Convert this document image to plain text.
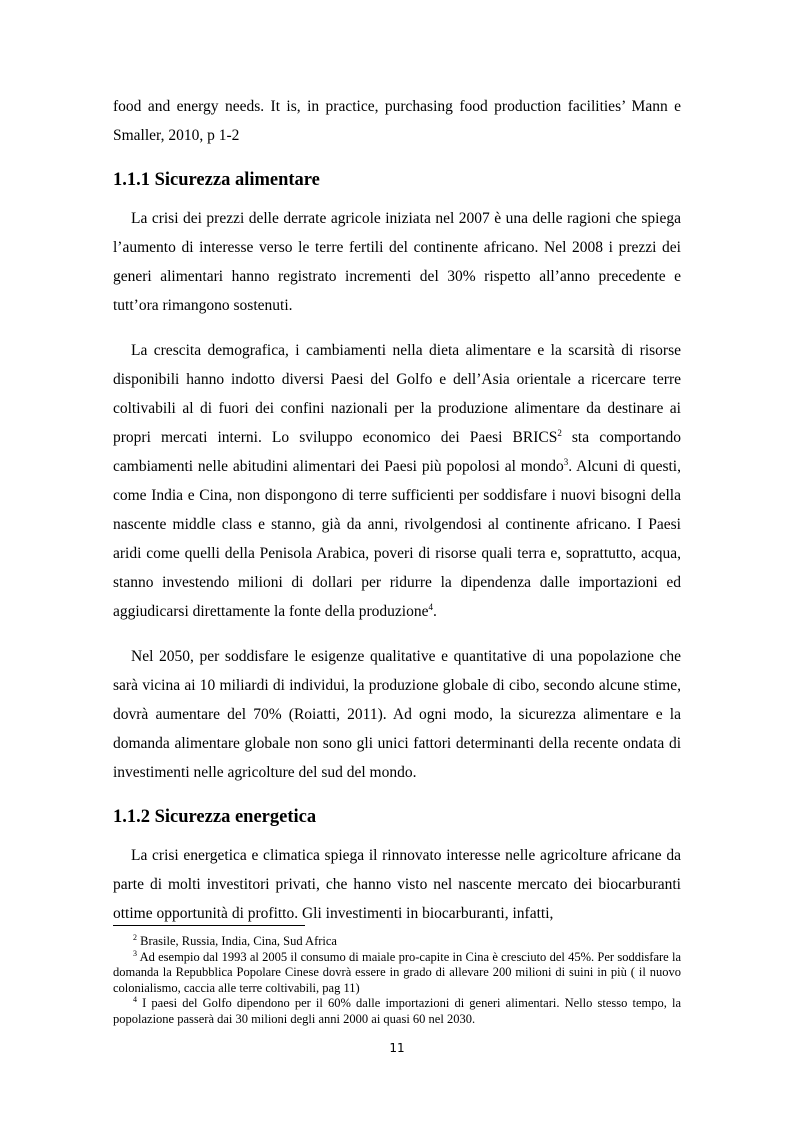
food and energy needs. It is, in practice, purchasing food production facilities’ Mann e Smaller, 2010, p 1-2

1.1.1 Sicurezza alimentare

La crisi dei prezzi delle derrate agricole iniziata nel 2007 è una delle ragioni che spiega l’aumento di interesse verso le terre fertili del continente africano. Nel 2008 i prezzi dei generi alimentari hanno registrato incrementi del 30% rispetto all’anno precedente e tutt’ora rimangono sostenuti.

La crescita demografica, i cambiamenti nella dieta alimentare e la scarsità di risorse disponibili hanno indotto diversi Paesi del Golfo e dell’Asia orientale a ricercare terre coltivabili al di fuori dei confini nazionali per la produzione alimentare da destinare ai propri mercati interni. Lo sviluppo economico dei Paesi BRICS$^2$ sta comportando cambiamenti nelle abitudini alimentari dei Paesi più popolosi al mondo$^3$. Alcuni di questi, come India e Cina, non dispongono di terre sufficienti per soddisfare i nuovi bisogni della nascente middle class e stanno, già da anni, rivolgendosi al continente africano. I Paesi aridi come quelli della Penisola Arabica, poveri di risorse quali terra e, soprattutto, acqua, stanno investendo milioni di dollari per ridurre la dipendenza dalle importazioni ed aggiudicarsi direttamente la fonte della produzione$^4$.

Nel 2050, per soddisfare le esigenze qualitative e quantitative di una popolazione che sarà vicina ai 10 miliardi di individui, la produzione globale di cibo, secondo alcune stime, dovrà aumentare del 70% (Roiatti, 2011). Ad ogni modo, la sicurezza alimentare e la domanda alimentare globale non sono gli unici fattori determinanti della recente ondata di investimenti nelle agricolture del sud del mondo.

1.1.2 Sicurezza energetica

La crisi energetica e climatica spiega il rinnovato interesse nelle agricolture africane da parte di molti investitori privati, che hanno visto nel nascente mercato dei biocarburanti ottime opportunità di profitto. Gli investimenti in biocarburanti, infatti,

$^2$ Brasile, Russia, India, Cina, Sud Africa

$^3$ Ad esempio dal 1993 al 2005 il consumo di maiale pro-capite in Cina è cresciuto del 45%. Per soddisfare la domanda la Repubblica Popolare Cinese dovrà essere in grado di allevare 200 milioni di suini in più ( il nuovo colonialismo, caccia alle terre coltivabili, pag 11)

$^4$ I paesi del Golfo dipendono per il 60% dalle importazioni di generi alimentari. Nello stesso tempo, la popolazione passerà dai 30 milioni degli anni 2000 ai quasi 60 nel 2030.

11
